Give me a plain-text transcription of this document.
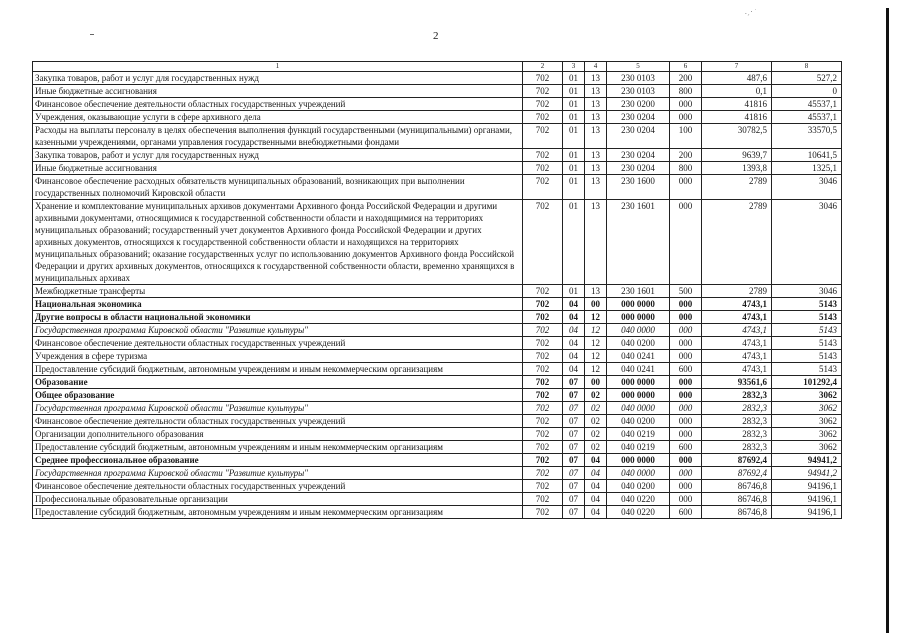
. ̗ · ͘
2
1	2	3	4	5	6	7	8
Закупка товаров, работ и услуг для государственных нужд	702	01	13	230 0103	200	487,6	527,2
Иные бюджетные ассигнования	702	01	13	230 0103	800	0,1	0
Финансовое обеспечение деятельности областных государственных учреждений	702	01	13	230 0200	000	41816	45537,1
Учреждения, оказывающие услуги в сфере архивного дела	702	01	13	230 0204	000	41816	45537,1
Расходы на выплаты персоналу в целях обеспечения выполнения функций государственными (муниципальными) органами, казенными учреждениями, органами управления государственными внебюджетными фондами	702	01	13	230 0204	100	30782,5	33570,5
Закупка товаров, работ и услуг для государственных нужд	702	01	13	230 0204	200	9639,7	10641,5
Иные бюджетные ассигнования	702	01	13	230 0204	800	1393,8	1325,1
Финансовое обеспечение расходных обязательств муниципальных образований, возникающих при выполнении государственных полномочий Кировской области	702	01	13	230 1600	000	2789	3046
Хранение и комплектование муниципальных архивов документами Архивного фонда Российской Федерации и другими архивными документами, относящимися к государственной собственности области и находящимися на территориях муниципальных образований; государственный учет документов Архивного фонда Российской Федерации и других архивных документов, относящихся к государственной собственности области и находящихся на территориях муниципальных образований; оказание государственных услуг по использованию документов Архивного фонда Российской Федерации и других архивных документов, относящихся к государственной собственности области, временно хранящихся в муниципальных архивах	702	01	13	230 1601	000	2789	3046
Межбюджетные трансферты	702	01	13	230 1601	500	2789	3046
Национальная экономика	702	04	00	000 0000	000	4743,1	5143
Другие вопросы в области национальной экономики	702	04	12	000 0000	000	4743,1	5143
Государственная программа Кировской области "Развитие культуры"	702	04	12	040 0000	000	4743,1	5143
Финансовое обеспечение деятельности областных государственных учреждений	702	04	12	040 0200	000	4743,1	5143
Учреждения в сфере туризма	702	04	12	040 0241	000	4743,1	5143
Предоставление субсидий бюджетным, автономным учреждениям и иным некоммерческим организациям	702	04	12	040 0241	600	4743,1	5143
Образование	702	07	00	000 0000	000	93561,6	101292,4
Общее образование	702	07	02	000 0000	000	2832,3	3062
Государственная программа Кировской области "Развитие культуры"	702	07	02	040 0000	000	2832,3	3062
Финансовое обеспечение деятельности областных государственных учреждений	702	07	02	040 0200	000	2832,3	3062
Организации дополнительного образования	702	07	02	040 0219	000	2832,3	3062
Предоставление субсидий бюджетным, автономным учреждениям и иным некоммерческим организациям	702	07	02	040 0219	600	2832,3	3062
Среднее профессиональное образование	702	07	04	000 0000	000	87692,4	94941,2
Государственная программа Кировской области "Развитие культуры"	702	07	04	040 0000	000	87692,4	94941,2
Финансовое обеспечение деятельности областных государственных учреждений	702	07	04	040 0200	000	86746,8	94196,1
Профессиональные образовательные организации	702	07	04	040 0220	000	86746,8	94196,1
Предоставление субсидий бюджетным, автономным учреждениям и иным некоммерческим организациям	702	07	04	040 0220	600	86746,8	94196,1
